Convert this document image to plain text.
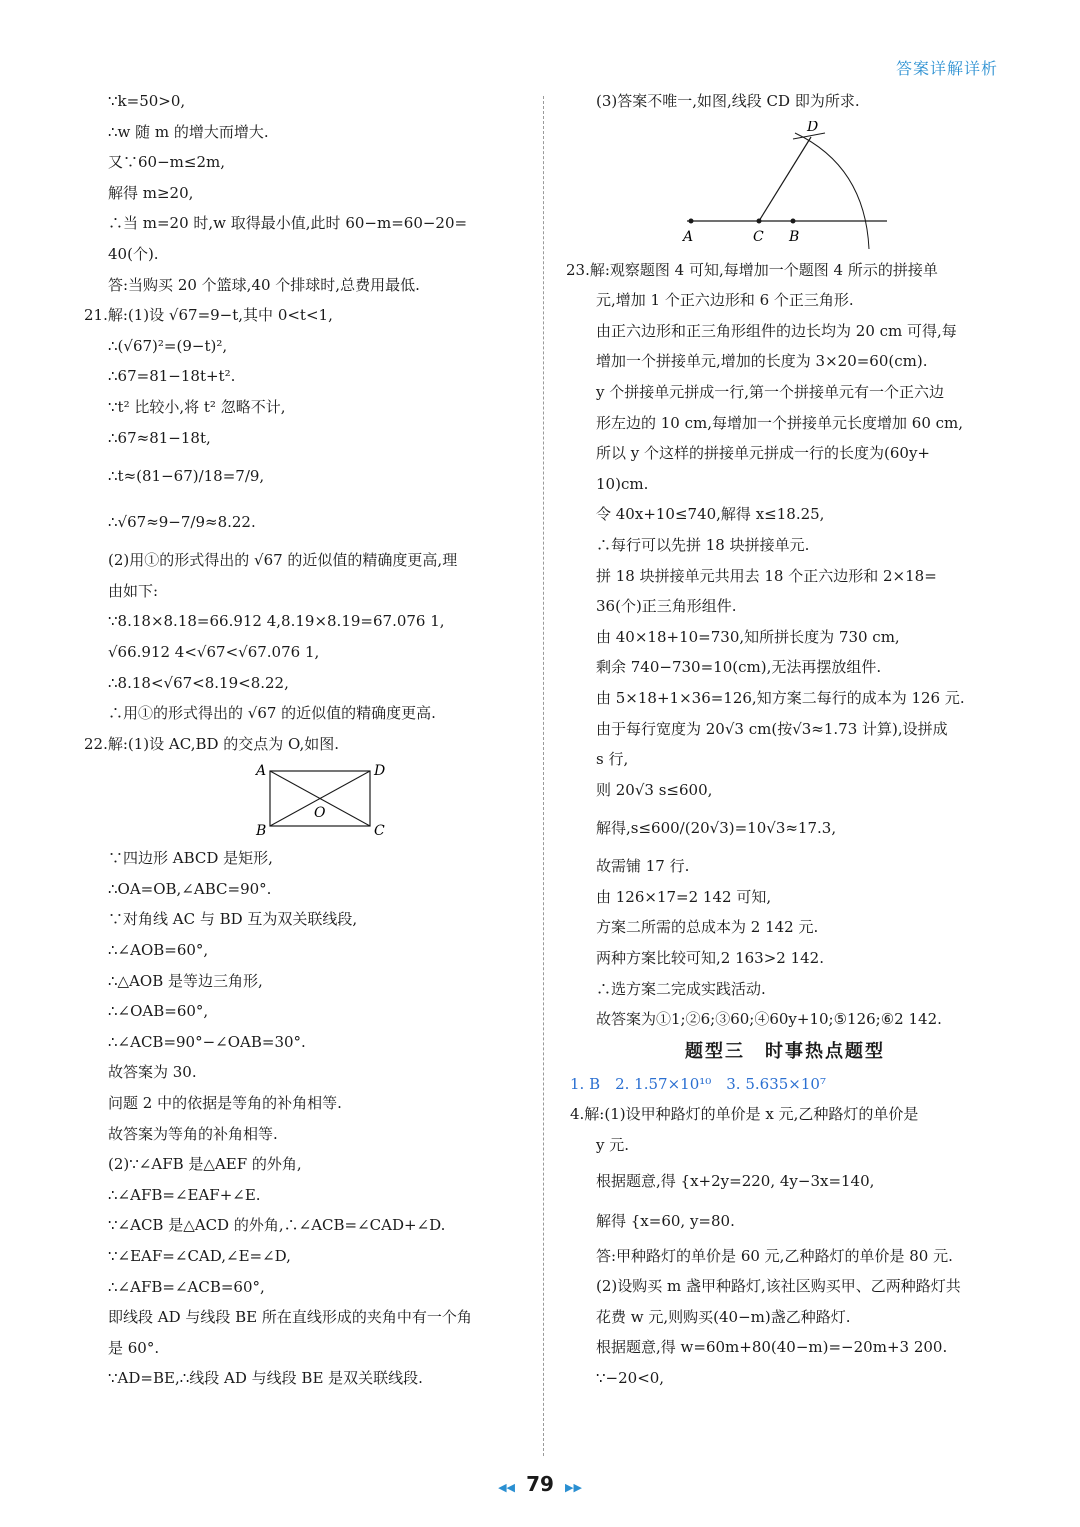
答案详解详析
∵k=50>0,
∴w 随 m 的增大而增大.
又∵60−m≤2m,
解得 m≥20,
∴当 m=20 时,w 取得最小值,此时 60−m=60−20=
40(个).
答:当购买 20 个篮球,40 个排球时,总费用最低.
21.解:(1)设 √67=9−t,其中 0<t<1,
∴(√67)²=(9−t)²,
∴67=81−18t+t².
∵t² 比较小,将 t² 忽略不计,
∴67≈81−18t,
∴t≈(81−67)/18=7/9,
∴√67≈9−7/9≈8.22.
(2)用①的形式得出的 √67 的近似值的精确度更高,理
由如下:
∵8.18×8.18=66.912 4,8.19×8.19=67.076 1,
√66.912 4<√67<√67.076 1,
∴8.18<√67<8.19<8.22,
∴用①的形式得出的 √67 的近似值的精确度更高.
22.解:(1)设 AC,BD 的交点为 O,如图.
A	D
B	C
O
∵四边形 ABCD 是矩形,
∴OA=OB,∠ABC=90°.
∵对角线 AC 与 BD 互为双关联线段,
∴∠AOB=60°,
∴△AOB 是等边三角形,
∴∠OAB=60°,
∴∠ACB=90°−∠OAB=30°.
故答案为 30.
问题 2 中的依据是等角的补角相等.
故答案为等角的补角相等.
(2)∵∠AFB 是△AEF 的外角,
∴∠AFB=∠EAF+∠E.
∵∠ACB 是△ACD 的外角,∴∠ACB=∠CAD+∠D.
∵∠EAF=∠CAD,∠E=∠D,
∴∠AFB=∠ACB=60°,
即线段 AD 与线段 BE 所在直线形成的夹角中有一个角
是 60°.
∵AD=BE,∴线段 AD 与线段 BE 是双关联线段.
(3)答案不唯一,如图,线段 CD 即为所求.
D
A	C B
23.解:观察题图 4 可知,每增加一个题图 4 所示的拼接单
元,增加 1 个正六边形和 6 个正三角形.
由正六边形和正三角形组件的边长均为 20 cm 可得,每
增加一个拼接单元,增加的长度为 3×20=60(cm).
y 个拼接单元拼成一行,第一个拼接单元有一个正六边
形左边的 10 cm,每增加一个拼接单元长度增加 60 cm,
所以 y 个这样的拼接单元拼成一行的长度为(60y+
10)cm.
令 40x+10≤740,解得 x≤18.25,
∴每行可以先拼 18 块拼接单元.
拼 18 块拼接单元共用去 18 个正六边形和 2×18=
36(个)正三角形组件.
由 40×18+10=730,知所拼长度为 730 cm,
剩余 740−730=10(cm),无法再摆放组件.
由 5×18+1×36=126,知方案二每行的成本为 126 元.
由于每行宽度为 20√3 cm(按√3≈1.73 计算),设拼成
s 行,
则 20√3 s≤600,
解得,s≤600/(20√3)=10√3≈17.3,
故需铺 17 行.
由 126×17=2 142 可知,
方案二所需的总成本为 2 142 元.
两种方案比较可知,2 163>2 142.
∴选方案二完成实践活动.
故答案为①1;②6;③60;④60y+10;⑤126;⑥2 142.
题型三　时事热点题型
1. B　2. 1.57×10¹⁰　3. 5.635×10⁷
4.解:(1)设甲种路灯的单价是 x 元,乙种路灯的单价是
y 元.
根据题意,得 {x+2y=220, 4y−3x=140,
解得 {x=60, y=80.
答:甲种路灯的单价是 60 元,乙种路灯的单价是 80 元.
(2)设购买 m 盏甲种路灯,该社区购买甲、乙两种路灯共
花费 w 元,则购买(40−m)盏乙种路灯.
根据题意,得 w=60m+80(40−m)=−20m+3 200.
∵−20<0,
◀◀ 79 ▶▶
